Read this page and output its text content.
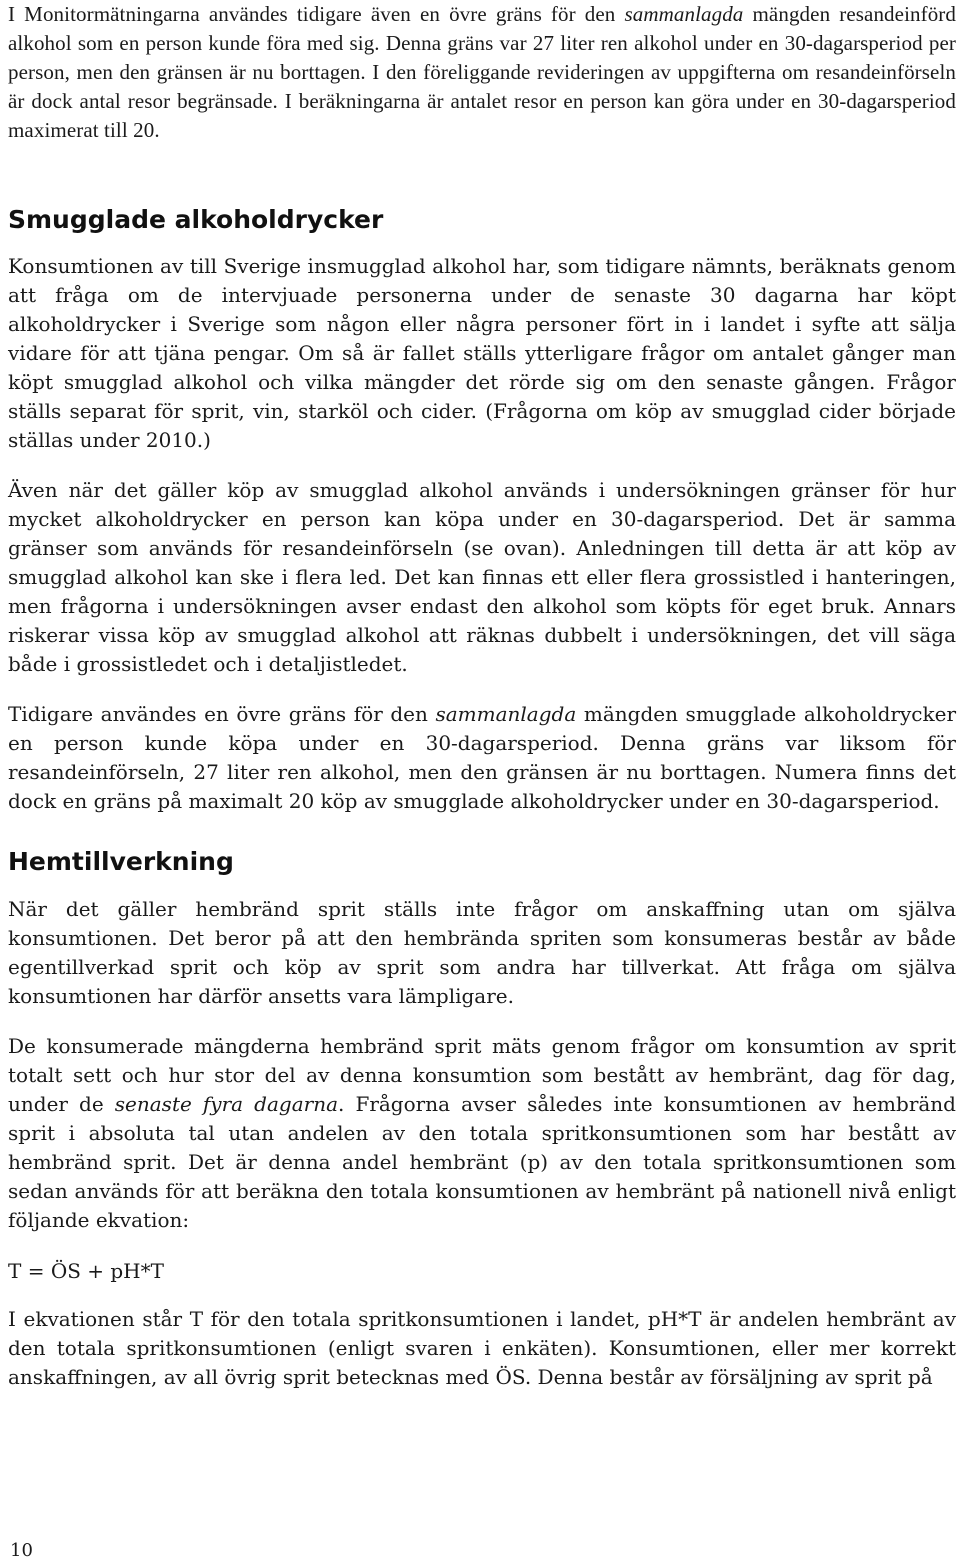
I Monitormätningarna användes tidigare även en övre gräns för den sammanlagda mängden resandeinförd alkohol som en person kunde föra med sig. Denna gräns var 27 liter ren alkohol under en 30-dagarsperiod per person, men den gränsen är nu borttagen. I den föreliggande revideringen av uppgifterna om resandeinförseln är dock antal resor begränsade. I beräkningarna är antalet resor en person kan göra under en 30-dagarsperiod maximerat till 20.

Smugglade alkoholdrycker

Konsumtionen av till Sverige insmugglad alkohol har, som tidigare nämnts, beräknats genom att fråga om de intervjuade personerna under de senaste 30 dagarna har köpt alkoholdrycker i Sverige som någon eller några personer fört in i landet i syfte att sälja vidare för att tjäna pengar. Om så är fallet ställs ytterligare frågor om antalet gånger man köpt smugglad alkohol och vilka mängder det rörde sig om den senaste gången. Frågor ställs separat för sprit, vin, starköl och cider. (Frågorna om köp av smugglad cider började ställas under 2010.)

Även när det gäller köp av smugglad alkohol används i undersökningen gränser för hur mycket alkoholdrycker en person kan köpa under en 30-dagarsperiod. Det är samma gränser som används för resandeinförseln (se ovan). Anledningen till detta är att köp av smugglad alkohol kan ske i flera led. Det kan finnas ett eller flera grossistled i hanteringen, men frågorna i undersökningen avser endast den alkohol som köpts för eget bruk. Annars riskerar vissa köp av smugglad alkohol att räknas dubbelt i undersökningen, det vill säga både i grossistledet och i detaljistledet.

Tidigare användes en övre gräns för den sammanlagda mängden smugglade alkoholdrycker en person kunde köpa under en 30-dagarsperiod. Denna gräns var liksom för resandeinförseln, 27 liter ren alkohol, men den gränsen är nu borttagen. Numera finns det dock en gräns på maximalt 20 köp av smugglade alkoholdrycker under en 30-dagarsperiod.

Hemtillverkning

När det gäller hembränd sprit ställs inte frågor om anskaffning utan om själva konsumtionen. Det beror på att den hembrända spriten som konsumeras består av både egentillverkad sprit och köp av sprit som andra har tillverkat. Att fråga om själva konsumtionen har därför ansetts vara lämpligare.

De konsumerade mängderna hembränd sprit mäts genom frågor om konsumtion av sprit totalt sett och hur stor del av denna konsumtion som bestått av hembränt, dag för dag, under de senaste fyra dagarna. Frågorna avser således inte konsumtionen av hembränd sprit i absoluta tal utan andelen av den totala spritkonsumtionen som har bestått av hembränd sprit. Det är denna andel hembränt (p) av den totala spritkonsumtionen som sedan används för att beräkna den totala konsumtionen av hembränt på nationell nivå enligt följande ekvation:

T = ÖS + pH*T

I ekvationen står T för den totala spritkonsumtionen i landet, pH*T är andelen hembränt av den totala spritkonsumtionen (enligt svaren i enkäten). Konsumtionen, eller mer korrekt anskaffningen, av all övrig sprit betecknas med ÖS. Denna består av försäljning av sprit på

10
